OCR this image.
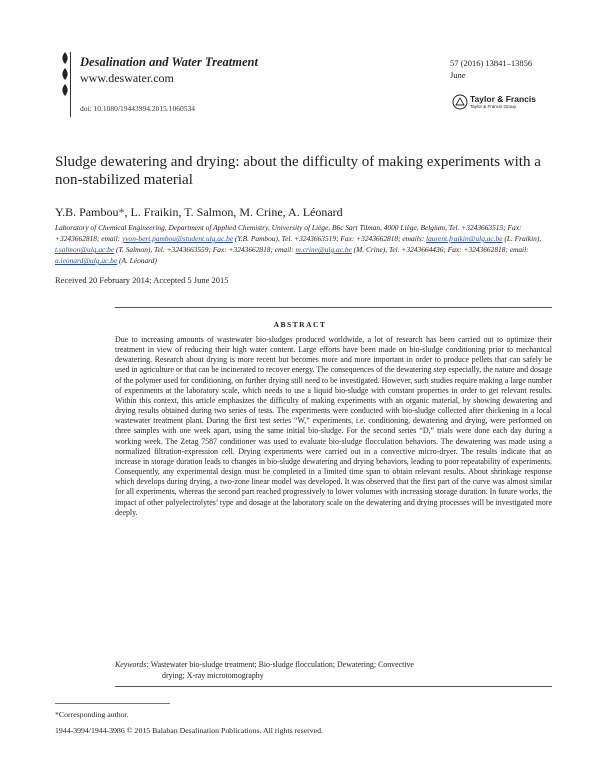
Desalination and Water Treatment
www.deswater.com
doi: 10.1080/19443994.2015.1060534
57 (2016) 13841–13856
June
Taylor & Francis
Taylor & Francis Group
Sludge dewatering and drying: about the difficulty of making experiments with a non-stabilized material
Y.B. Pambou*, L. Fraikin, T. Salmon, M. Crine, A. Léonard
Laboratory of Chemical Engineering, Department of Applied Chemistry, University of Liège, B6c Sart Tilman, 4000 Liège, Belgium, Tel. +3243663515; Fax: +3243662818; email: yvon-bert.pambou@student.ulg.ac.be (Y.B. Pambou), Tel. +3243663519; Fax: +3243662818; emails: laurent.fraikin@ulg.ac.be (L. Fraikin), t.salmon@ulg.ac.be (T. Salmon), Tel. +3243663559; Fax: +3243662818; email: m.crine@ulg.ac.be (M. Crine), Tel. +3243664436; Fax: +3243662818; email: a.leonard@ulg.ac.be (A. Léonard)
Received 20 February 2014; Accepted 5 June 2015
ABSTRACT
Due to increasing amounts of wastewater bio-sludges produced worldwide, a lot of research has been carried out to optimize their treatment in view of reducing their high water content. Large efforts have been made on bio-sludge conditioning prior to mechanical dewatering. Research about drying is more recent but becomes more and more important in order to produce pellets that can safely be used in agriculture or that can be incinerated to recover energy. The consequences of the dewatering step especially, the nature and dosage of the polymer used for conditioning, on further drying still need to be investigated. However, such studies require making a large number of experiments at the laboratory scale, which needs to use a liquid bio-sludge with constant properties in order to get relevant results. Within this context, this article emphasizes the difficulty of making experiments with an organic material, by showing dewatering and drying results obtained during two series of tests. The experiments were conducted with bio-sludge collected after thickening in a local wastewater treatment plant. During the first test series “W,” experiments, i.e. conditioning, dewatering and drying, were performed on three samples with one week apart, using the same initial bio-sludge. For the second series “D,” trials were done each day during a working week. The Zetag 7587 conditioner was used to evaluate bio-sludge flocculation behaviors. The dewatering was made using a normalized filtration-expression cell. Drying experiments were carried out in a convective micro-dryer. The results indicate that an increase in storage duration leads to changes in bio-sludge dewatering and drying behaviors, leading to poor repeatability of experiments. Consequently, any experimental design must be completed in a limited time span to obtain relevant results. About shrinkage response which develops during drying, a two-zone linear model was developed. It was observed that the first part of the curve was almost similar for all experiments, whereas the second part reached progressively to lower volumes with increasing storage duration. In future works, the impact of other polyelectrolytes’ type and dosage at the laboratory scale on the dewatering and drying processes will be investigated more deeply.
Keywords: Wastewater bio-sludge treatment; Bio-sludge flocculation; Dewatering; Convective
drying; X-ray microtomography
*Corresponding author.
1944-3994/1944-3986 © 2015 Balaban Desalination Publications. All rights reserved.
